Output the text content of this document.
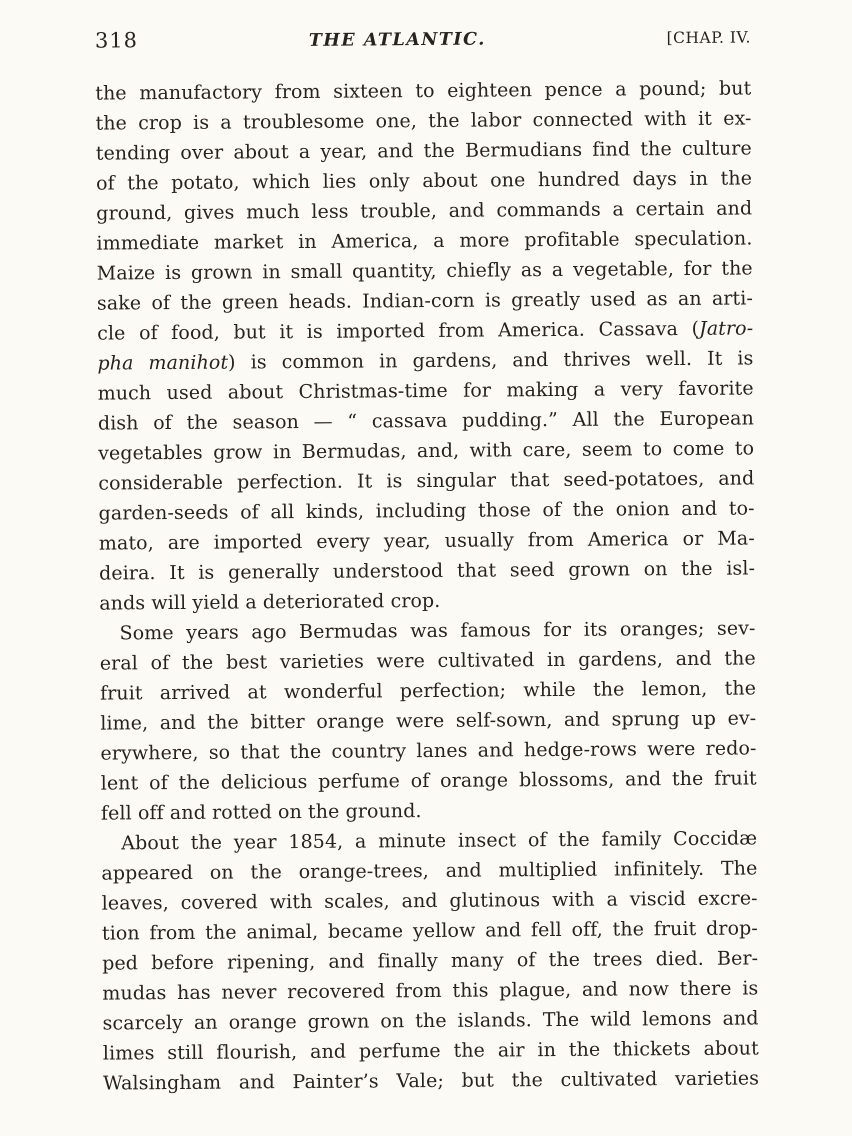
318	THE ATLANTIC.	[CHAP. IV.
the manufactory from sixteen to eighteen pence a pound; but
the crop is a troublesome one, the labor connected with it ex-
tending over about a year, and the Bermudians find the culture
of the potato, which lies only about one hundred days in the
ground, gives much less trouble, and commands a certain and
immediate market in America, a more profitable speculation.
Maize is grown in small quantity, chiefly as a vegetable, for the
sake of the green heads. Indian-corn is greatly used as an arti-
cle of food, but it is imported from America. Cassava (Jatro-
pha manihot) is common in gardens, and thrives well. It is
much used about Christmas-time for making a very favorite
dish of the season — “ cassava pudding.” All the European
vegetables grow in Bermudas, and, with care, seem to come to
considerable perfection. It is singular that seed-potatoes, and
garden-seeds of all kinds, including those of the onion and to-
mato, are imported every year, usually from America or Ma-
deira. It is generally understood that seed grown on the isl-
ands will yield a deteriorated crop.
Some years ago Bermudas was famous for its oranges; sev-
eral of the best varieties were cultivated in gardens, and the
fruit arrived at wonderful perfection; while the lemon, the
lime, and the bitter orange were self-sown, and sprung up ev-
erywhere, so that the country lanes and hedge-rows were redo-
lent of the delicious perfume of orange blossoms, and the fruit
fell off and rotted on the ground.
About the year 1854, a minute insect of the family Coccidæ
appeared on the orange-trees, and multiplied infinitely. The
leaves, covered with scales, and glutinous with a viscid excre-
tion from the animal, became yellow and fell off, the fruit drop-
ped before ripening, and finally many of the trees died. Ber-
mudas has never recovered from this plague, and now there is
scarcely an orange grown on the islands. The wild lemons and
limes still flourish, and perfume the air in the thickets about
Walsingham and Painter’s Vale; but the cultivated varieties
